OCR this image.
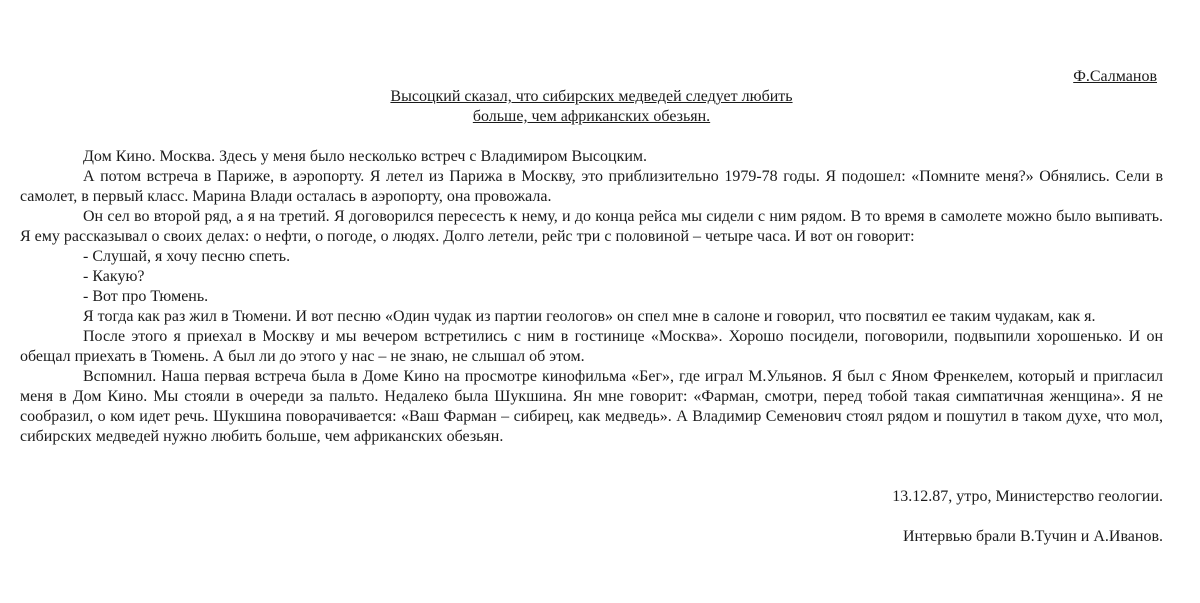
Ф.Салманов
Высоцкий сказал, что сибирских медведей следует любить
больше, чем африканских обезьян.

Дом Кино. Москва. Здесь у меня было несколько встреч с Владимиром Высоцким.

А потом встреча в Париже, в аэропорту. Я летел из Парижа в Москву, это приблизительно 1979-78 годы. Я подошел: «Помните меня?» Обнялись. Сели в самолет, в первый класс. Марина Влади осталась в аэропорту, она провожала.

Он сел во второй ряд, а я на третий. Я договорился пересесть к нему, и до конца рейса мы сидели с ним рядом. В то время в самолете можно было выпивать. Я ему рассказывал о своих делах: о нефти, о погоде, о людях. Долго летели, рейс три с половиной – четыре часа. И вот он говорит:

- Слушай, я хочу песню спеть.

- Какую?

- Вот про Тюмень.

Я тогда как раз жил в Тюмени. И вот песню «Один чудак из партии геологов» он спел мне в салоне и говорил, что посвятил ее таким чудакам, как я.

После этого я приехал в Москву и мы вечером встретились с ним в гостинице «Москва». Хорошо посидели, поговорили, подвыпили хорошенько. И он обещал приехать в Тюмень. А был ли до этого у нас – не знаю, не слышал об этом.

Вспомнил. Наша первая встреча была в Доме Кино на просмотре кинофильма «Бег», где играл М.Ульянов. Я был с Яном Френкелем, который и пригласил меня в Дом Кино. Мы стояли в очереди за пальто. Недалеко была Шукшина. Ян мне говорит: «Фарман, смотри, перед тобой такая симпатичная женщина». Я не сообразил, о ком идет речь. Шукшина поворачивается: «Ваш Фарман – сибирец, как медведь». А Владимир Семенович стоял рядом и пошутил в таком духе, что мол, сибирских медведей нужно любить больше, чем африканских обезьян.

13.12.87, утро, Министерство геологии.
Интервью брали В.Тучин и А.Иванов.
